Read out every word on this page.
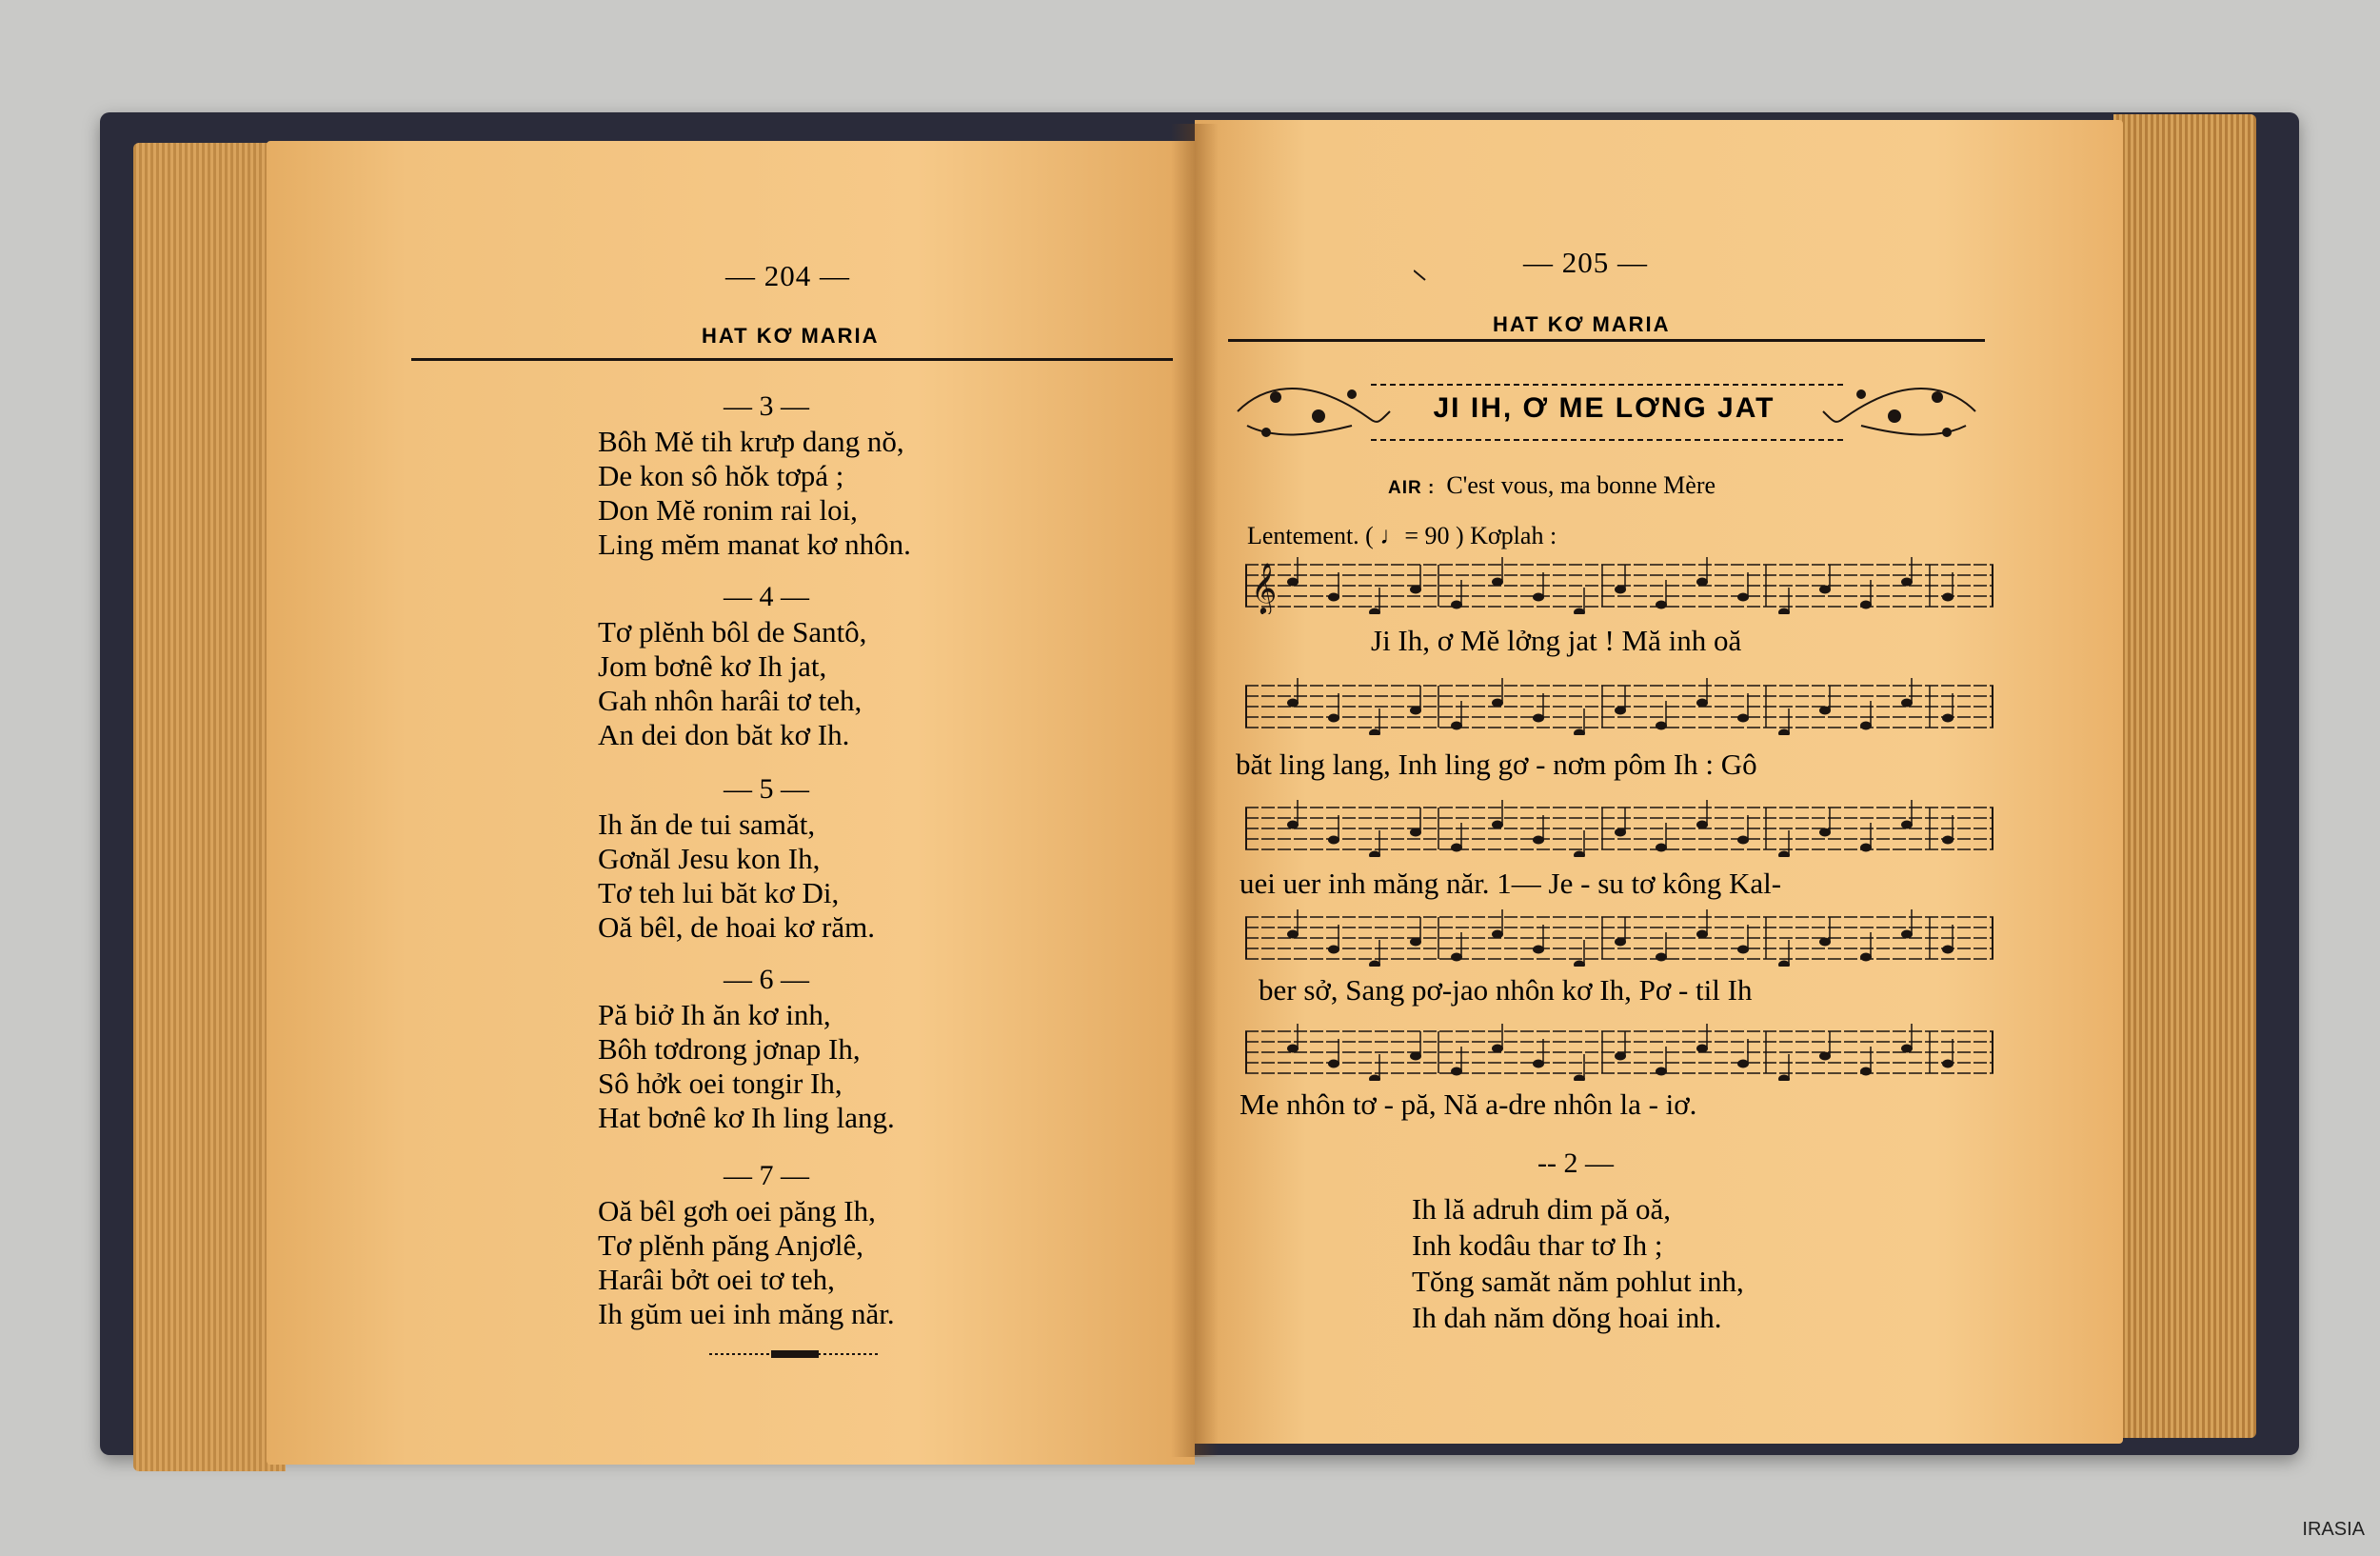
— 204 —
HAT KƠ MARIA
— 3 —
Bôh Mĕ tih krưp dang nŏ,
De kon sô hŏk tơpá ;
Don Mĕ ronim rai loi,
Ling mĕm manat kơ nhôn.
— 4 —
Tơ plĕnh bôl de Santô,
Jom bơnê kơ Ih jat,
Gah nhôn harâi tơ teh,
An dei don băt kơ Ih.
— 5 —
Ih ăn de tui samăt,
Gơnăl Jesu kon Ih,
Tơ teh lui băt kơ Di,
Oă bêl, de hoai kơ răm.
— 6 —
Pă biở Ih ăn kơ inh,
Bôh tơdrong jơnap Ih,
Sô hởk oei tongir Ih,
Hat bơnê kơ Ih ling lang.
— 7 —
Oă bêl gơh oei păng Ih,
Tơ plĕnh păng Anjơlê,
Harâi bởt oei tơ teh,
Ih gŭm uei inh măng năr.
— 205 —
HAT KƠ MARIA
JI IH, Ơ ME LƠNG JAT
AIR : C'est vous, ma bonne Mère
Lentement. ( ♩= 90 ) Kơplah :
𝄞
Ji Ih, ơ Mĕ lởng jat ! Mă inh oă
băt ling lang, Inh ling gơ - nơm pôm Ih : Gô
uei uer inh măng năr. 1— Je - su tơ kông Kal-
ber sở, Sang pơ-jao nhôn kơ Ih, Pơ - til Ih
Me nhôn tơ - pă, Nă a-dre nhôn la - iơ.
-- 2 —
Ih lă adruh dim pă oă,
Inh kodâu thar tơ Ih ;
Tŏng samăt năm pohlut inh,
Ih dah năm dŏng hoai inh.
IRASIA
